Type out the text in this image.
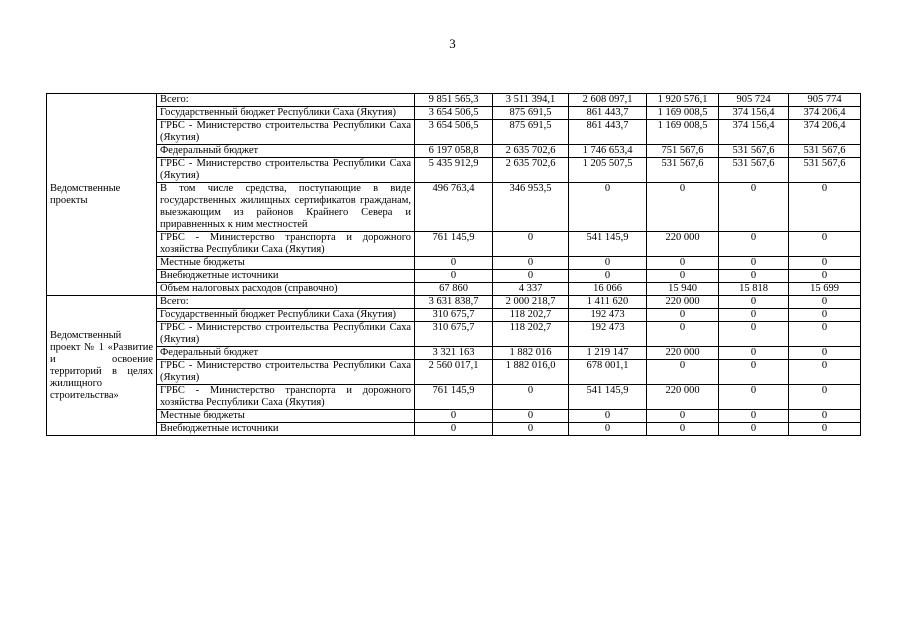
3
Ведомственные проекты	Всего:	9 851 565,3	3 511 394,1	2 608 097,1	1 920 576,1	905 724	905 774
	Государственный бюджет Республики Саха (Якутия)	3 654 506,5	875 691,5	861 443,7	1 169 008,5	374 156,4	374 206,4
	ГРБС - Министерство строительства Республики Саха (Якутия)	3 654 506,5	875 691,5	861 443,7	1 169 008,5	374 156,4	374 206,4
	Федеральный бюджет	6 197 058,8	2 635 702,6	1 746 653,4	751 567,6	531 567,6	531 567,6
	ГРБС - Министерство строительства Республики Саха (Якутия)	5 435 912,9	2 635 702,6	1 205 507,5	531 567,6	531 567,6	531 567,6
	В том числе средства, поступающие в виде государственных жилищных сертификатов гражданам, выезжающим из районов Крайнего Севера и приравненных к ним местностей	496 763,4	346 953,5	0	0	0	0
	ГРБС - Министерство транспорта и дорожного хозяйства Республики Саха (Якутия)	761 145,9	0	541 145,9	220 000	0	0
	Местные бюджеты	0	0	0	0	0	0
	Внебюджетные источники	0	0	0	0	0	0
	Объем налоговых расходов (справочно)	67 860	4 337	16 066	15 940	15 818	15 699
Ведомственный проект № 1 «Развитие и освоение территорий в целях жилищного строительства»	Всего:	3 631 838,7	2 000 218,7	1 411 620	220 000	0	0
	Государственный бюджет Республики Саха (Якутия)	310 675,7	118 202,7	192 473	0	0	0
	ГРБС - Министерство строительства Республики Саха (Якутия)	310 675,7	118 202,7	192 473	0	0	0
	Федеральный бюджет	3 321 163	1 882 016	1 219 147	220 000	0	0
	ГРБС - Министерство строительства Республики Саха (Якутия)	2 560 017,1	1 882 016,0	678 001,1	0	0	0
	ГРБС - Министерство транспорта и дорожного хозяйства Республики Саха (Якутия)	761 145,9	0	541 145,9	220 000	0	0
	Местные бюджеты	0	0	0	0	0	0
	Внебюджетные источники	0	0	0	0	0	0
